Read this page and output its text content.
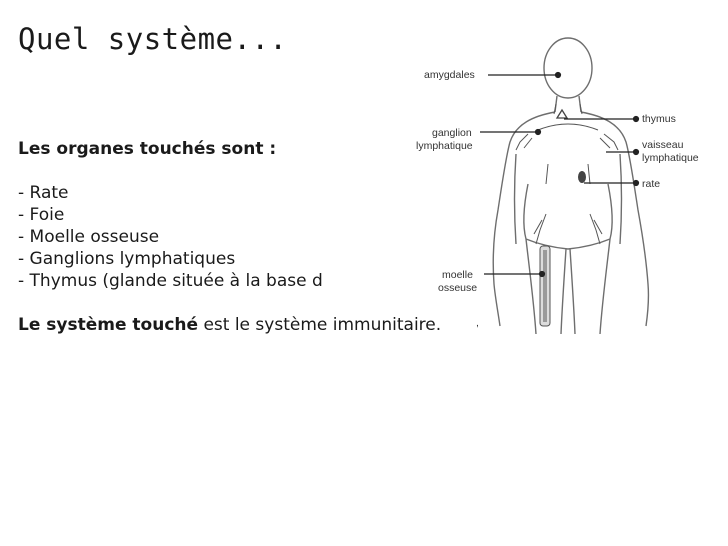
Quel système...
amygdales
ganglion
lymphatique
thymus
vaisseau
lymphatique
rate
moelle
osseuse
,
Les organes touchés sont :
- Rate
- Foie
- Moelle osseuse
- Ganglions lymphatiques
- Thymus (glande située à la base d
Le système touché est le système immunitaire.
